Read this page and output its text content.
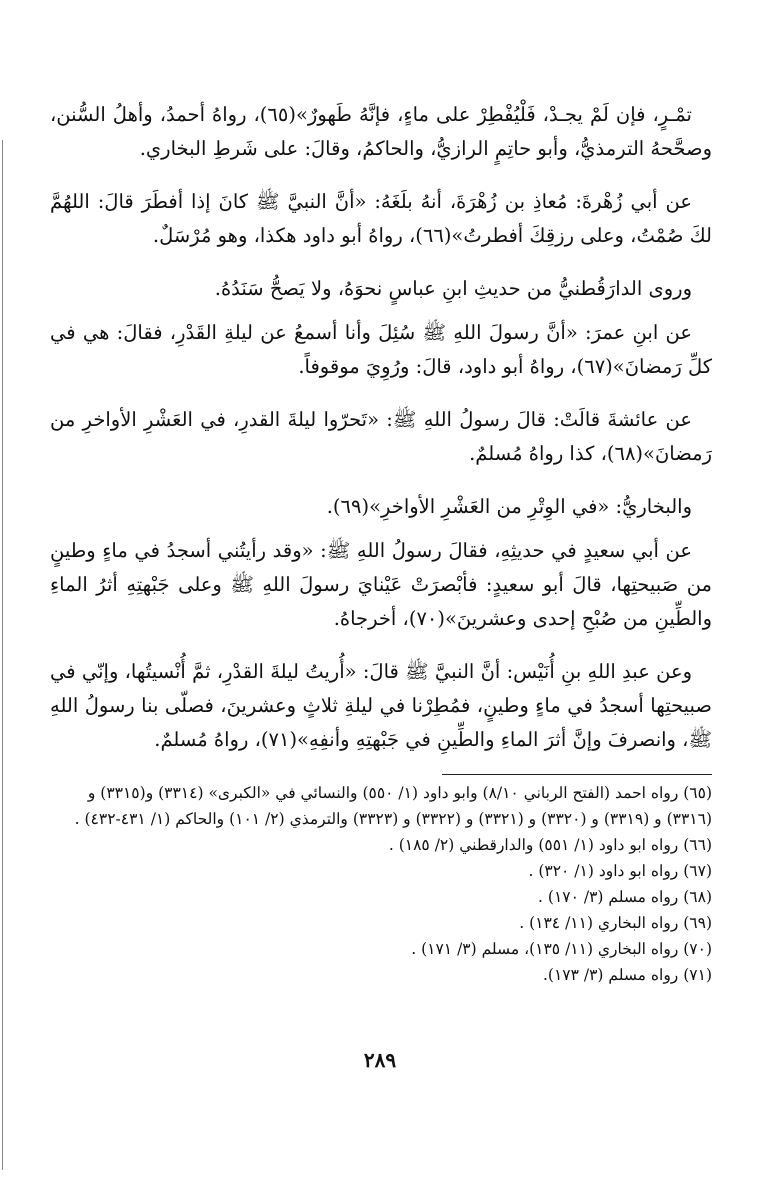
تمْـرٍ، فإن لَمْ يجـدْ، فَلْيُفْطِرْ على ماءٍ، فإنَّهُ طَهورٌ»(٦٥)، رواهُ أحمدُ، وأهلُ السُّنن، وصحَّحهُ الترمذيُّ، وأبو حاتِمٍ الرازيُّ، والحاكمُ، وقالَ: على شَرطِ البخاري.

عن أبي زُهْرةَ: مُعاذِ بن زُهْرَةَ، أنهُ بلَغَهُ: «أنَّ النبيَّ ﷺ كانَ إذا أفطَرَ قالَ: اللهُمَّ لكَ صُمْتُ، وعلى رزقِكَ أفطرتُ»(٦٦)، رواهُ أبو داود هكذا، وهو مُرْسَلٌ.

وروى الدارَقُطنيُّ من حديثِ ابنِ عباسٍ نحوَهُ، ولا يَصحُّ سَنَدُهُ.

عن ابنِ عمرَ: «أنَّ رسولَ اللهِ ﷺ سُئِلَ وأنا أسمعُ عن ليلةِ القَدْرِ، فقالَ: هي في كلِّ رَمضانَ»(٦٧)، رواهُ أبو داود، قالَ: ورُوِيَ موقوفاً.

عن عائشةَ قالَتْ: قالَ رسولُ اللهِ ﷺ: «تَحرّوا ليلةَ القدرِ، في العَشْرِ الأواخرِ من رَمضانَ»(٦٨)، كذا رواهُ مُسلمٌ.

والبخاريُّ: «في الوِتْرِ من العَشْرِ الأواخرِ»(٦٩).

عن أبي سعيدٍ في حديثِهِ، فقالَ رسولُ اللهِ ﷺ: «وقد رأيتُني أسجدُ في ماءٍ وطينٍ من صَبيحتِها، قالَ أبو سعيدٍ: فأبْصرَتْ عَيْنايَ رسولَ اللهِ ﷺ وعلى جَبْهتِهِ أثرُ الماءِ والطِّينِ من صُبْحِ إحدى وعشرينَ»(٧٠)، أخرجاهُ.

وعن عبدِ اللهِ بنِ أُنَيْس: أنَّ النبيَّ ﷺ قالَ: «أُريتُ ليلةَ القدْرِ، ثمَّ أُنْسيتُها، وإنّي في صبيحتِها أسجدُ في ماءٍ وطينٍ، فمُطِرْنا في ليلةِ ثلاثٍ وعشرينَ، فصلّى بنا رسولُ اللهِ ﷺ، وانصرفَ وإنَّ أثرَ الماءِ والطِّينِ في جَبْهتِهِ وأنفِهِ»(٧١)، رواهُ مُسلمٌ.

(٦٥) رواه احمد (الفتح الرباني ٨/١٠) وابو داود (١/ ٥٥٠) والنسائي في «الكبرى» (٣٣١٤) و(٣٣١٥) و (٣٣١٦) و (٣٣١٩) و (٣٣٢٠) و (٣٣٢١) و (٣٣٢٢) و (٣٣٢٣) والترمذي (٢/ ١٠١) والحاكم (١/ ٤٣١-٤٣٢) .

(٦٦) رواه ابو داود (١/ ٥٥١) والدارقطني (٢/ ١٨٥) .

(٦٧) رواه ابو داود (١/ ٣٢٠) .

(٦٨) رواه مسلم (٣/ ١٧٠) .

(٦٩) رواه البخاري (١١/ ١٣٤) .

(٧٠) رواه البخاري (١١/ ١٣٥)، مسلم (٣/ ١٧١) .

(٧١) رواه مسلم (٣/ ١٧٣).

٢٨٩
